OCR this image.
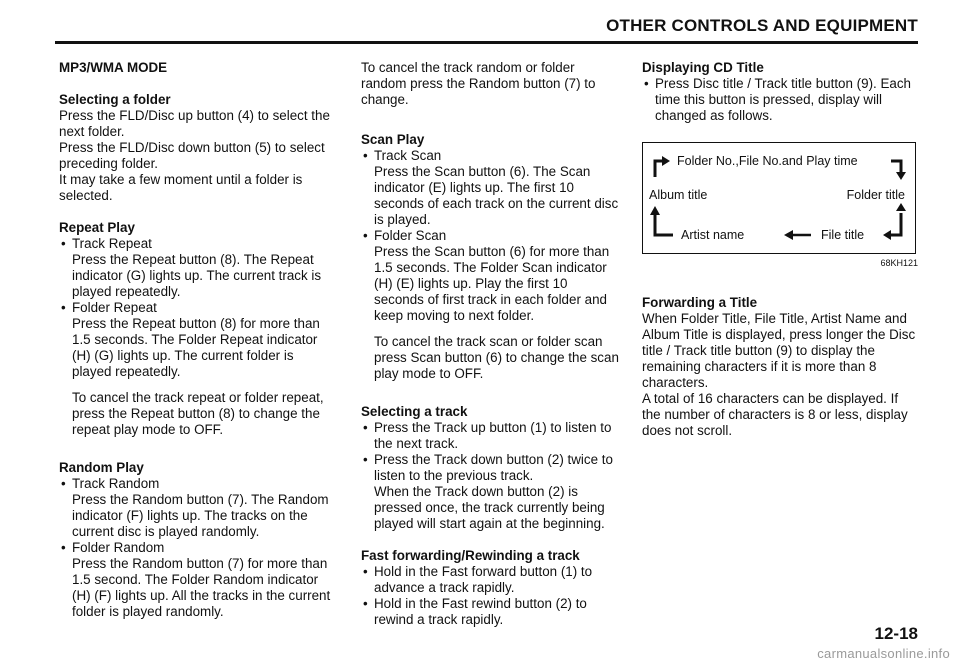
OTHER CONTROLS AND EQUIPMENT
MP3/WMA MODE
Selecting a folder

Press the FLD/Disc up button (4) to select the next folder.
Press the FLD/Disc down button (5) to select preceding folder.
It may take a few moment until a folder is selected.

Repeat Play
• Track Repeat
Press the Repeat button (8). The Repeat indicator (G) lights up. The current track is played repeatedly.
• Folder Repeat
Press the Repeat button (8) for more than 1.5 seconds. The Folder Repeat indicator (H) (G) lights up. The current folder is played repeatedly.

To cancel the track repeat or folder repeat, press the Repeat button (8) to change the repeat play mode to OFF.

Random Play
• Track Random
Press the Random button (7). The Random indicator (F) lights up. The tracks on the current disc is played randomly.
• Folder Random
Press the Random button (7) for more than 1.5 second. The Folder Random indicator (H) (F) lights up. All the tracks in the current folder is played randomly.

To cancel the track random or folder random press the Random button (7) to change.

Scan Play
• Track Scan
Press the Scan button (6). The Scan indicator (E) lights up. The first 10 seconds of each track on the current disc is played.
• Folder Scan
Press the Scan button (6) for more than 1.5 seconds. The Folder Scan indicator (H) (E) lights up. Play the first 10 seconds of first track in each folder and keep moving to next folder.

To cancel the track scan or folder scan press Scan button (6) to change the scan play mode to OFF.

Selecting a track
• Press the Track up button (1) to listen to the next track.
• Press the Track down button (2) twice to listen to the previous track.
When the Track down button (2) is pressed once, the track currently being played will start again at the beginning.
Fast forwarding/Rewinding a track
• Hold in the Fast forward button (1) to advance a track rapidly.
• Hold in the Fast rewind button (2) to rewind a track rapidly.
Displaying CD Title
• Press Disc title / Track title button (9). Each time this button is pressed, display will changed as follows.
Folder No.,File No.and Play time
Album title	Folder title
Artist name	File title
68KH121
Forwarding a Title

When Folder Title, File Title, Artist Name and Album Title is displayed, press longer the Disc title / Track title button (9) to display the remaining characters if it is more than 8 characters.
A total of 16 characters can be displayed. If the number of characters is 8 or less, display does not scroll.

12-18
carmanualsonline.info
